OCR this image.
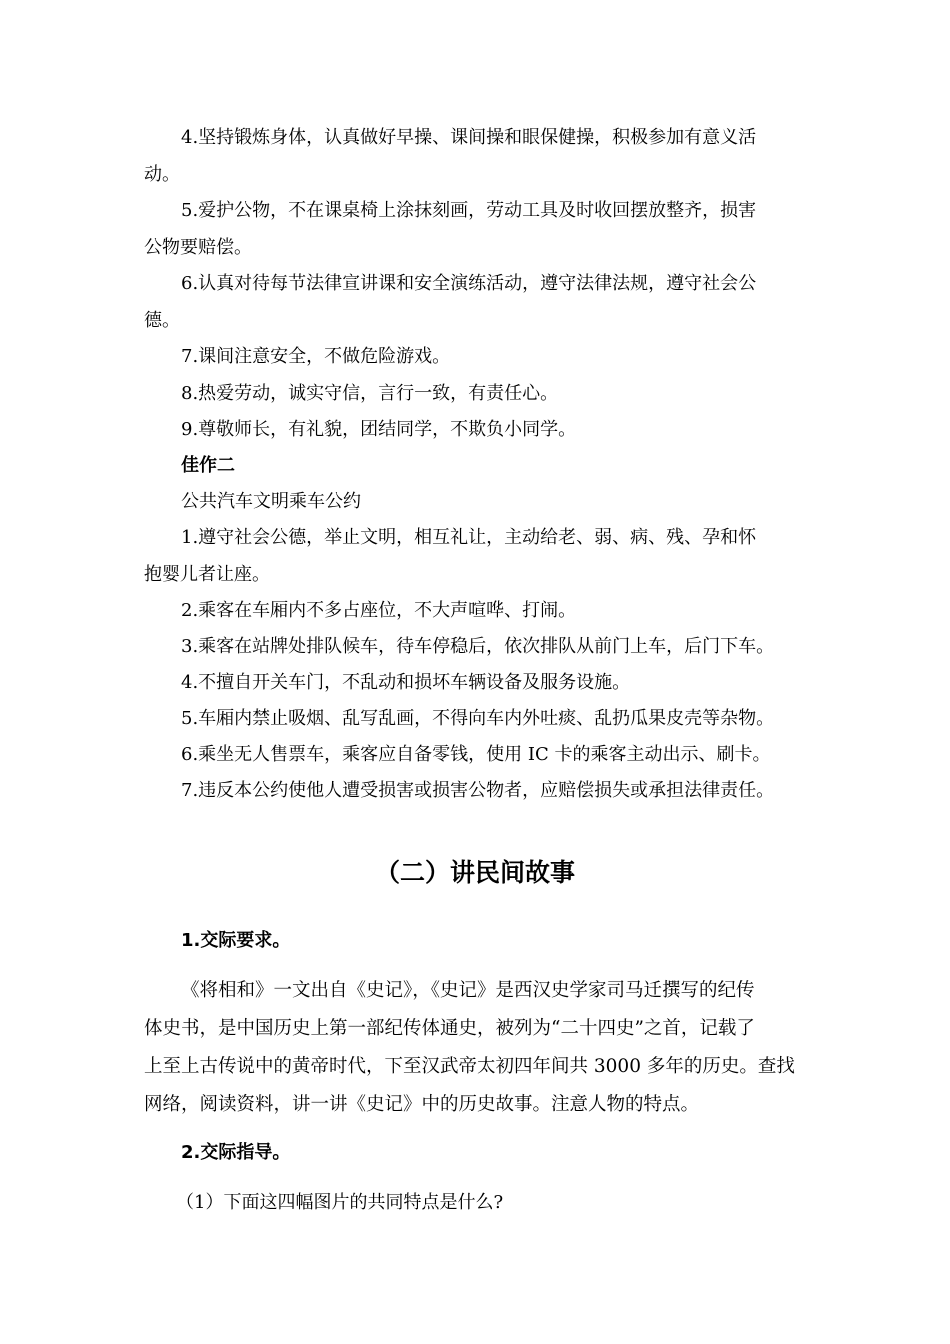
4.坚持锻炼身体，认真做好早操、课间操和眼保健操，积极参加有意义活
动。
5.爱护公物，不在课桌椅上涂抹刻画，劳动工具及时收回摆放整齐，损害
公物要赔偿。
6.认真对待每节法律宣讲课和安全演练活动，遵守法律法规，遵守社会公
德。
7.课间注意安全，不做危险游戏。
8.热爱劳动，诚实守信，言行一致，有责任心。
9.尊敬师长，有礼貌，团结同学，不欺负小同学。
佳作二
公共汽车文明乘车公约
1.遵守社会公德，举止文明，相互礼让，主动给老、弱、病、残、孕和怀
抱婴儿者让座。
2.乘客在车厢内不多占座位，不大声喧哗、打闹。
3.乘客在站牌处排队候车，待车停稳后，依次排队从前门上车，后门下车。
4.不擅自开关车门，不乱动和损坏车辆设备及服务设施。
5.车厢内禁止吸烟、乱写乱画，不得向车内外吐痰、乱扔瓜果皮壳等杂物。
6.乘坐无人售票车，乘客应自备零钱，使用 IC 卡的乘客主动出示、刷卡。
7.违反本公约使他人遭受损害或损害公物者，应赔偿损失或承担法律责任。
（二）讲民间故事
1.交际要求。
《将相和》一文出自《史记》，《史记》是西汉史学家司马迁撰写的纪传
体史书，是中国历史上第一部纪传体通史，被列为“二十四史”之首，记载了
上至上古传说中的黄帝时代，下至汉武帝太初四年间共 3000 多年的历史。查找
网络，阅读资料，讲一讲《史记》中的历史故事。注意人物的特点。
2.交际指导。
（1）下面这四幅图片的共同特点是什么?
